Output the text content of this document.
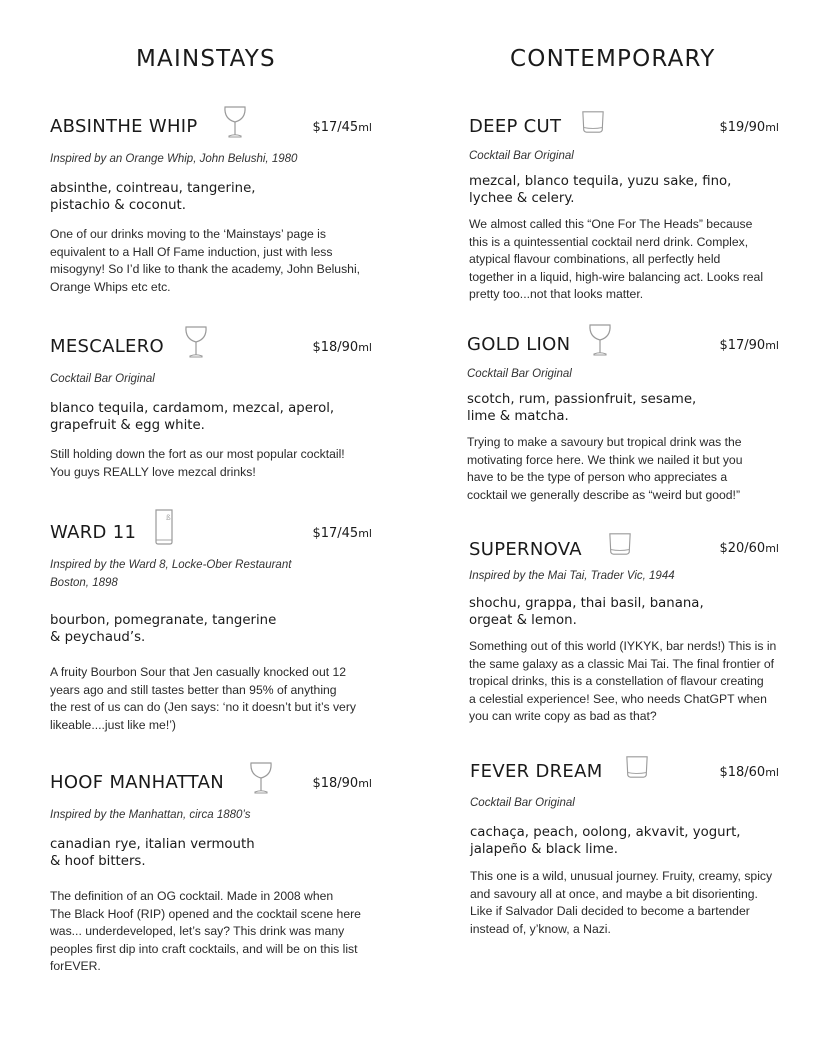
MAINSTAYS	CONTEMPORARY
ABSINTHE WHIP	$17/45ml
Inspired by an Orange Whip, John Belushi, 1980
absinthe, cointreau, tangerine,
pistachio & coconut.
One of our drinks moving to the ‘Mainstays’ page is
equivalent to a Hall Of Fame induction, just with less
misogyny! So I’d like to thank the academy, John Belushi,
Orange Whips etc etc.
MESCALERO	$18/90ml
Cocktail Bar Original
blanco tequila, cardamom, mezcal, aperol,
grapefruit & egg white.
Still holding down the fort as our most popular cocktail!
You guys REALLY love mezcal drinks!
WARD 11	$17/45ml
Inspired by the Ward 8, Locke-Ober Restaurant
Boston, 1898
bourbon, pomegranate, tangerine
& peychaud’s.
A fruity Bourbon Sour that Jen casually knocked out 12
years ago and still tastes better than 95% of anything
the rest of us can do (Jen says: ‘no it doesn’t but it’s very
likeable....just like me!’)
HOOF MANHATTAN	$18/90ml
Inspired by the Manhattan, circa 1880’s
canadian rye, italian vermouth
& hoof bitters.
The definition of an OG cocktail. Made in 2008 when
The Black Hoof (RIP) opened and the cocktail scene here
was... underdeveloped, let’s say? This drink was many
peoples first dip into craft cocktails, and will be on this list
forEVER.
DEEP CUT	$19/90ml
Cocktail Bar Original
mezcal, blanco tequila, yuzu sake, fino,
lychee & celery.
We almost called this “One For The Heads” because
this is a quintessential cocktail nerd drink. Complex,
atypical flavour combinations, all perfectly held
together in a liquid, high-wire balancing act. Looks real
pretty too...not that looks matter.
GOLD LION	$17/90ml
Cocktail Bar Original
scotch, rum, passionfruit, sesame,
lime & matcha.
Trying to make a savoury but tropical drink was the
motivating force here. We think we nailed it but you
have to be the type of person who appreciates a
cocktail we generally describe as “weird but good!”
SUPERNOVA	$20/60ml
Inspired by the Mai Tai, Trader Vic, 1944
shochu, grappa, thai basil, banana,
orgeat & lemon.
Something out of this world (IYKYK, bar nerds!) This is in
the same galaxy as a classic Mai Tai. The final frontier of
tropical drinks, this is a constellation of flavour creating
a celestial experience! See, who needs ChatGPT when
you can write copy as bad as that?
FEVER DREAM	$18/60ml
Cocktail Bar Original
cachaça, peach, oolong, akvavit, yogurt,
jalapeño & black lime.
This one is a wild, unusual journey. Fruity, creamy, spicy
and savoury all at once, and maybe a bit disorienting.
Like if Salvador Dali decided to become a bartender
instead of, y’know, a Nazi.
